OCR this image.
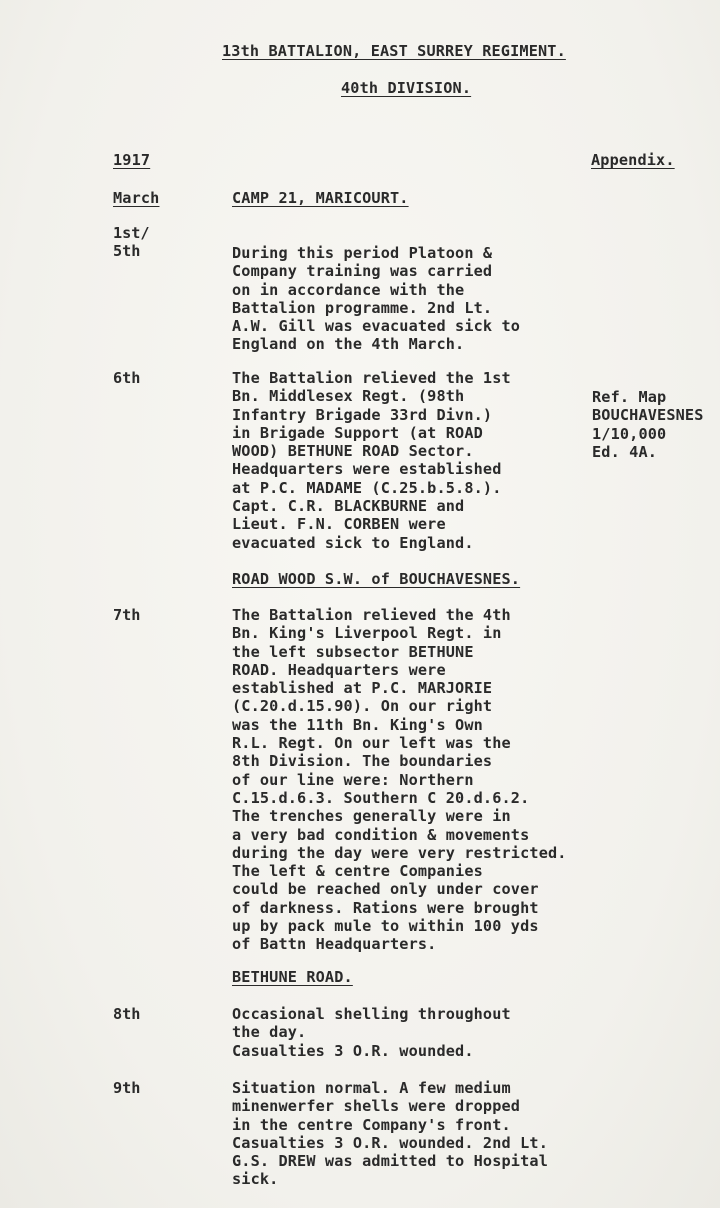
13th BATTALION, EAST SURREY REGIMENT.
40th DIVISION.
1917	Appendix.
March	CAMP 21, MARICOURT.
1st/
5th	During this period Platoon &
Company training was carried
on in accordance with the
Battalion programme. 2nd Lt.
A.W. Gill was evacuated sick to
England on the 4th March.
6th	The Battalion relieved the 1st
Bn. Middlesex Regt. (98th
Infantry Brigade 33rd Divn.)
in Brigade Support (at ROAD
WOOD) BETHUNE ROAD Sector.
Headquarters were established
at P.C. MADAME (C.25.b.5.8.).
Capt. C.R. BLACKBURNE and
Lieut. F.N. CORBEN were
evacuated sick to England.
Ref. Map
BOUCHAVESNES
1/10,000
Ed. 4A.
ROAD WOOD S.W. of BOUCHAVESNES.
7th	The Battalion relieved the 4th
Bn. King's Liverpool Regt. in
the left subsector BETHUNE
ROAD. Headquarters were
established at P.C. MARJORIE
(C.20.d.15.90). On our right
was the 11th Bn. King's Own
R.L. Regt. On our left was the
8th Division. The boundaries
of our line were: Northern
C.15.d.6.3. Southern C 20.d.6.2.
The trenches generally were in
a very bad condition & movements
during the day were very restricted.
The left & centre Companies
could be reached only under cover
of darkness. Rations were brought
up by pack mule to within 100 yds
of Battn Headquarters.
BETHUNE ROAD.
8th	Occasional shelling throughout
the day.
Casualties 3 O.R. wounded.
9th	Situation normal. A few medium
minenwerfer shells were dropped
in the centre Company's front.
Casualties 3 O.R. wounded. 2nd Lt.
G.S. DREW was admitted to Hospital
sick.
